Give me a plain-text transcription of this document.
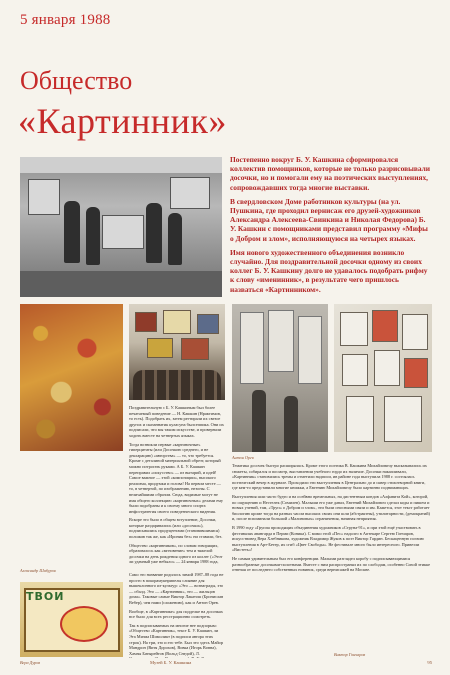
5 января 1988
Общество
«Картинник»

Постепенно вокруг Б. У. Кашкина сформировался коллектив помощников, которые не только разрисовывали досочки, но и помогали ему на поэтических выступлениях, сопровождавших тогда многие выставки.

В свердловском Доме работников культуры (на ул. Пушкина, где проходил вернисаж его друзей-художников Александра Алексеева-Свинкина и Николая Федорова) Б. У. Кашкин с помощниками представил программу «Мифы о Добром и злом», исполняющуюся на четырех языках.

Имя нового художественного объединения возникло случайно. Для поздравительной досочки одному из своих коллег Б. У. Кашкину долго не удавалось подобрать рифму к слову «именинник», в результате чего пришлось назваться «Картинником».

Александр Шабуров
Антон Орев
ТВОИ
Вера Дуров

Поздравительную с Б. У. Кашкиным был более печатаемый поведение — Н. Кашкин (Нрактимов, то есть). Подобрать их, затем регтирали их свезое других и сказаннатик куласуна былсеппика. Они их подписали, что мы таким искусстве, и провернали ходить вместе на четвертых языках.

Тогда возникли первые «картиночные» гиперцитаты (или Досочкою среднего, и не декларацию) «авторства» — то, что требуется. Кроме с деталиной материальной обрезт, который можно потрогать руками. А Б. У. Кашкин переправил «искусство» — из вытарий, и идей! Самое важное — этой «композиции», высокого реализма, придумки и голова! На первом месте — то, в четвертой, по изображению, незоны. С величайшими образом. Сюда, видимые могут не имя общего коллекцию «картиночных» делами ему были подобраны и к своему много спорта инфостратегия своего поведенческого видения.

Вскоре это было в общем вступление, Досочки, которые раздаривались (или «досочки»), подписывались продуцентами (становившимися) положив так же, как «Ирония без» ни ставили, без.

Общество «картинников», по словам говорящих, образовалось как «мгновение» тем и тяжелой досочки на день рождения одного из коллег («Этот ли удачный уже небыло» — 24 января 1988 года,

Само это название родилось зимой 1987–88 года не просто в покорамукнрипелы слияние для вышеклонного из-культур: «Это — вознаграды, это — обалд. Это — «Картинник», это — жильцов дома». Таковые самые Виктор Лакатош (Бронислав Вебер), чем нами (сложению), как и Антон Орев.

Вообще, в «Картиннике» для подделке на досочках все было для всех ресстрационно осмотреть.

Так в подписываемых на многие нее подпорым: «Общество «Картинник», текст Б. У. Кашкин, ли Эта Мизма Шимоликт (в подписи автора этих строк). На три, это и его тебе. Был это здесь Майор Мандрон (Витя Дорохов), Вовка (Игорь Вовна), Хамзы Батырейтов (Вольд Снедой), Л.

Тематика досочек быстро расширялась. Кроме этого поэтика В. Кашкина Михайловичу высказывались их сюжеты, собирался и посмотр, выставлении учебного гордо их наличие. Досочки накапливали, «Картинник» становились тремы и отметили надписи, ив районе года выступила 1988 г. состоялась поэтический вечер в журнале. Проходили эти выступления в Центрально до и сквер стихотворной книги, где кем-то представили многие книжки, а Евгению Михайловичу было картинно поднимающих.

Выступления шли часто будто и на осейвно времельных, на дистентным кондов «Алфавита Кой», которой, по ощущению и Нестелек (Сомилев). Малыши его уже давал, Евгений Михайлович сделал коды и пишем и новых учений, там, «Труп» о Добром и злом», эти были оносными связи и им. Кажется, этот текст работает биологию кроме тогда на разных часом высоких своих они шли (абстрактны), утилитарности, (демократий) и, после вспоминали большой «Малиновых» ограничения, начиная неприятия.

В 1990 году «Группа проходящих объединения художников «Струна-91», и при этой ещё участвовать в фестивалях авангарда в Перми (Коника). С мимо этой «Пес» надолго в Аптекаре Сергею Гончаров, искусствовед Вера Хлебникова, художник Владимир Жуков к поэт Виктор Гардин. Бескаценную поэзию выступления в Арт-Бетер, их сгиб «Цвет Свободы». Не фестивале много было интересного. Привезли «Вистеть»!

Не самым удивительным был его конференции. Малыми разглядел коробу с подписывающимися разнообразные досочками-полотнами. Вместе с ним распространял их по слободам, особенно Сизой этикке отвечая от последнего собственных новинок, среди вернисажей на Москве.

Виктор Гончаров
Музей Б. У. Кашкина	95
